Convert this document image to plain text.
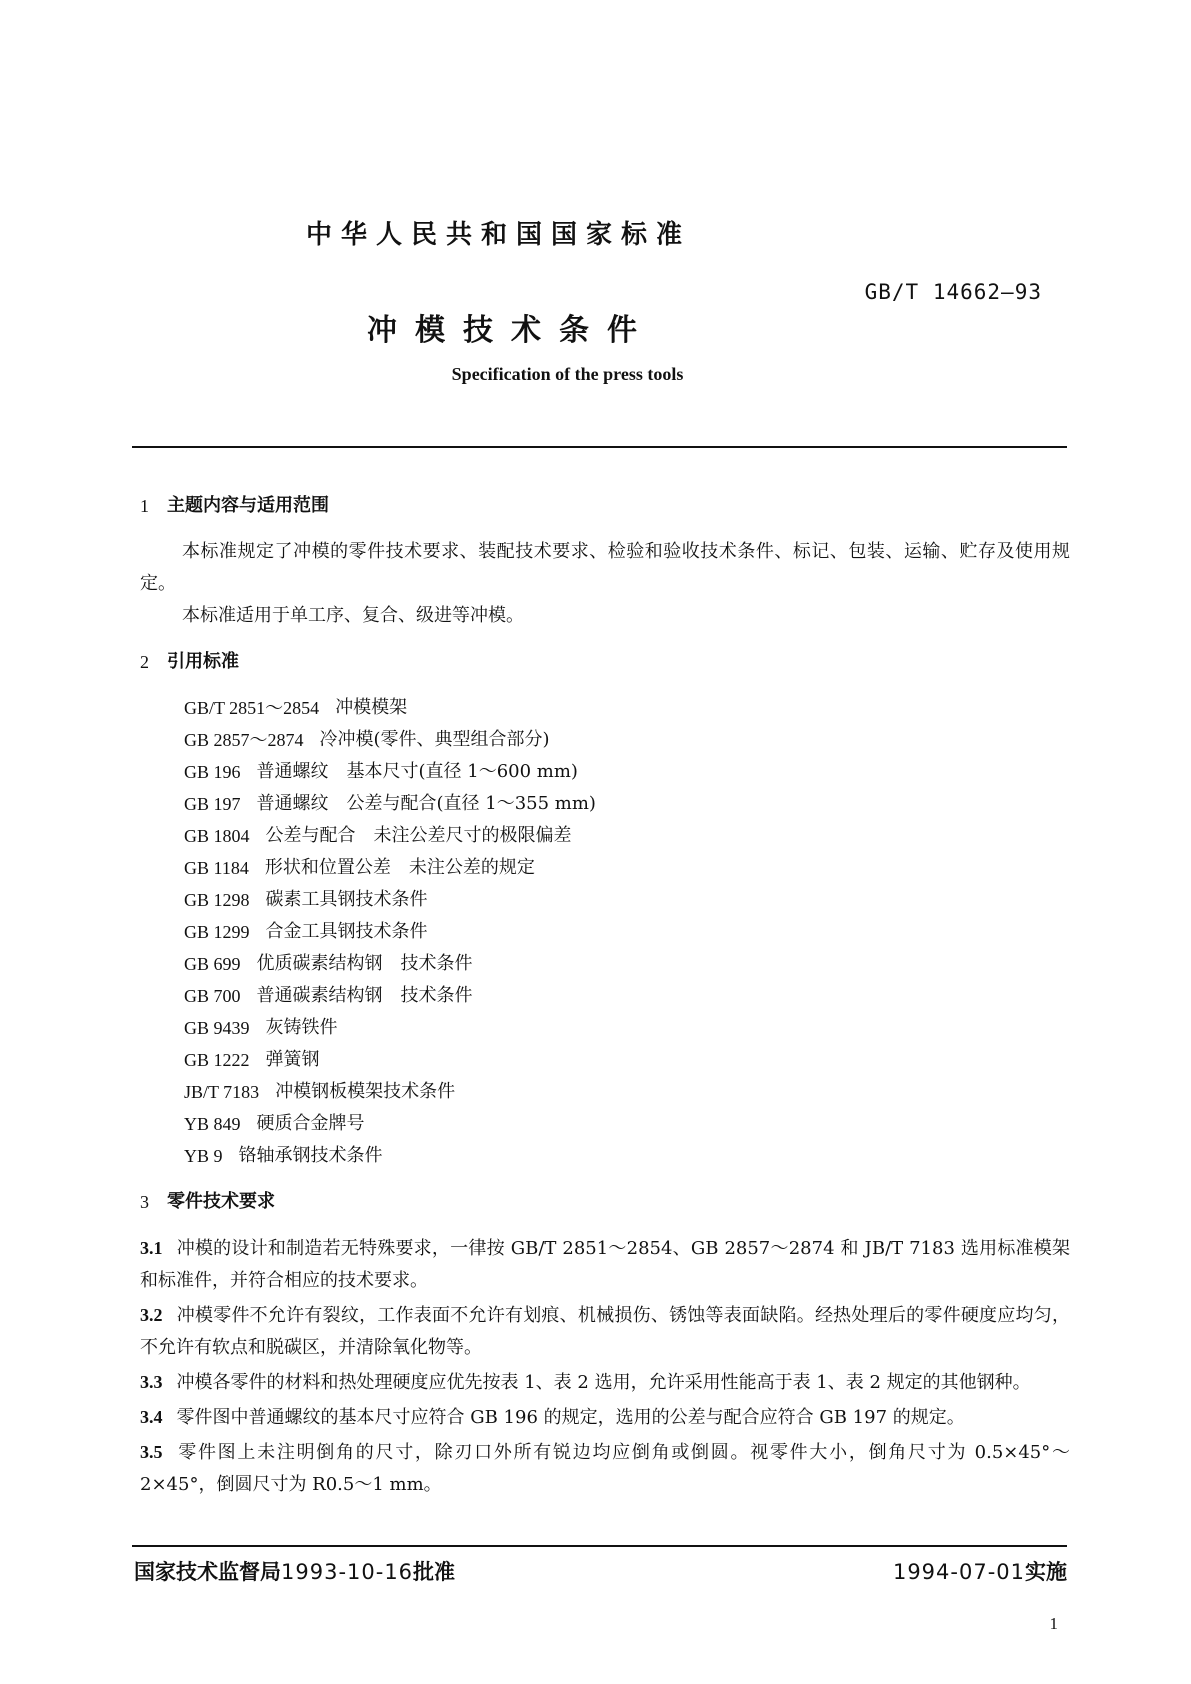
中华人民共和国国家标准
GB/T 14662—93
冲模技术条件
Specification of the press tools
1 主题内容与适用范围

本标准规定了冲模的零件技术要求、装配技术要求、检验和验收技术条件、标记、包装、运输、贮存及使用规定。

本标准适用于单工序、复合、级进等冲模。

2 引用标准
GB/T 2851～2854 冲模模架
GB 2857～2874 冷冲模(零件、典型组合部分)
GB 196 普通螺纹　基本尺寸(直径 1～600 mm)
GB 197 普通螺纹　公差与配合(直径 1～355 mm)
GB 1804 公差与配合　未注公差尺寸的极限偏差
GB 1184 形状和位置公差　未注公差的规定
GB 1298 碳素工具钢技术条件
GB 1299 合金工具钢技术条件
GB 699 优质碳素结构钢　技术条件
GB 700 普通碳素结构钢　技术条件
GB 9439 灰铸铁件
GB 1222 弹簧钢
JB/T 7183 冲模钢板模架技术条件
YB 849 硬质合金牌号
YB 9 铬轴承钢技术条件
3 零件技术要求

3.1 冲模的设计和制造若无特殊要求，一律按 GB/T 2851～2854、GB 2857～2874 和 JB/T 7183 选用标准模架和标准件，并符合相应的技术要求。

3.2 冲模零件不允许有裂纹，工作表面不允许有划痕、机械损伤、锈蚀等表面缺陷。经热处理后的零件硬度应均匀，不允许有软点和脱碳区，并清除氧化物等。

3.3 冲模各零件的材料和热处理硬度应优先按表 1、表 2 选用，允许采用性能高于表 1、表 2 规定的其他钢种。

3.4 零件图中普通螺纹的基本尺寸应符合 GB 196 的规定，选用的公差与配合应符合 GB 197 的规定。

3.5 零件图上未注明倒角的尺寸，除刃口外所有锐边均应倒角或倒圆。视零件大小，倒角尺寸为 0.5×45°～2×45°，倒圆尺寸为 R0.5～1 mm。

国家技术监督局1993-10-16批准	1994-07-01实施
1
